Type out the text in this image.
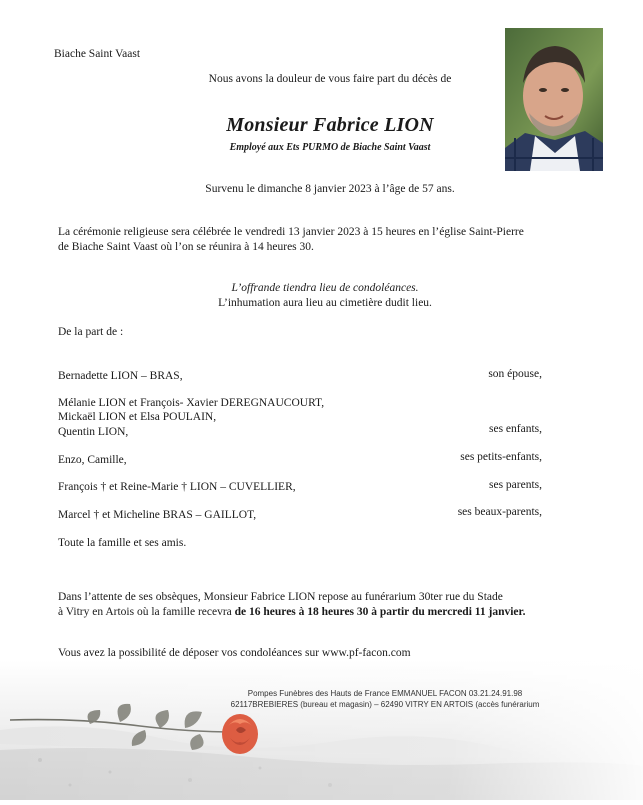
Biache Saint Vaast
Nous avons la douleur de vous faire part du décès de
Monsieur Fabrice LION
Employé aux Ets PURMO de Biache Saint Vaast
Survenu le dimanche 8 janvier 2023 à l’âge de 57 ans.
La cérémonie religieuse sera célébrée le vendredi 13 janvier 2023 à 15 heures en l’église Saint-Pierre
de Biache Saint Vaast où l’on se réunira à 14 heures 30.
L’offrande tiendra lieu de condoléances.
L’inhumation aura lieu au cimetière dudit lieu.
De la part de :
Bernadette LION – BRAS,	son épouse,
Mélanie LION et François- Xavier DEREGNAUCOURT,
Mickaël LION et Elsa POULAIN,
Quentin LION,	ses enfants,
Enzo, Camille,	ses petits-enfants,
François † et Reine-Marie † LION – CUVELLIER,	ses parents,
Marcel † et Micheline BRAS – GAILLOT,	ses beaux-parents,
Toute la famille et ses amis.
Dans l’attente de ses obsèques, Monsieur Fabrice LION repose au funérarium 30ter rue du Stade
à Vitry en Artois où la famille recevra de 16 heures à 18 heures 30 à partir du mercredi 11 janvier.
Vous avez la possibilité de déposer vos condoléances sur www.pf-facon.com
Pompes Funèbres des Hauts de France EMMANUEL FACON 03.21.24.91.98
62117BREBIERES (bureau et magasin) – 62490 VITRY EN ARTOIS (accès funérarium
